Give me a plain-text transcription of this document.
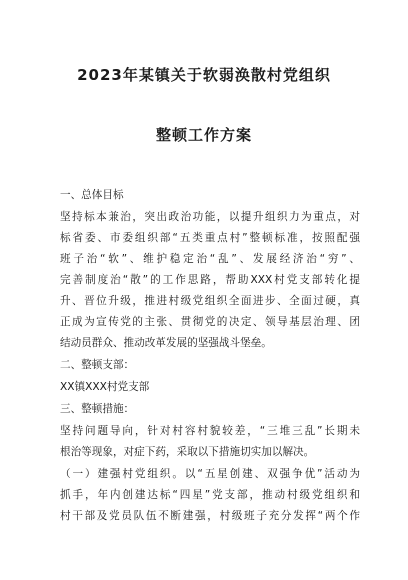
2023年某镇关于软弱涣散村党组织
整顿工作方案
一、总体目标
坚持标本兼治，突出政治功能，以提升组织力为重点，对
标省委、市委组织部“五类重点村”整顿标准，按照配强
班子治“软”、维护稳定治“乱”、发展经济治“穷”、
完善制度治“散”的工作思路，帮助XXX村党支部转化提
升、晋位升级，推进村级党组织全面进步、全面过硬，真
正成为宣传党的主张、贯彻党的决定、领导基层治理、团
结动员群众、推动改革发展的坚强战斗堡垒。
二、整顿支部：
XX镇XXX村党支部
三、整顿措施：
坚持问题导向，针对村容村貌较差，“三堆三乱”长期未
根治等现象，对症下药，采取以下措施切实加以解决。
（一）建强村党组织。以“五星创建、双强争优”活动为
抓手，年内创建达标“四星”党支部，推动村级党组织和
村干部及党员队伍不断建强，村级班子充分发挥“两个作
